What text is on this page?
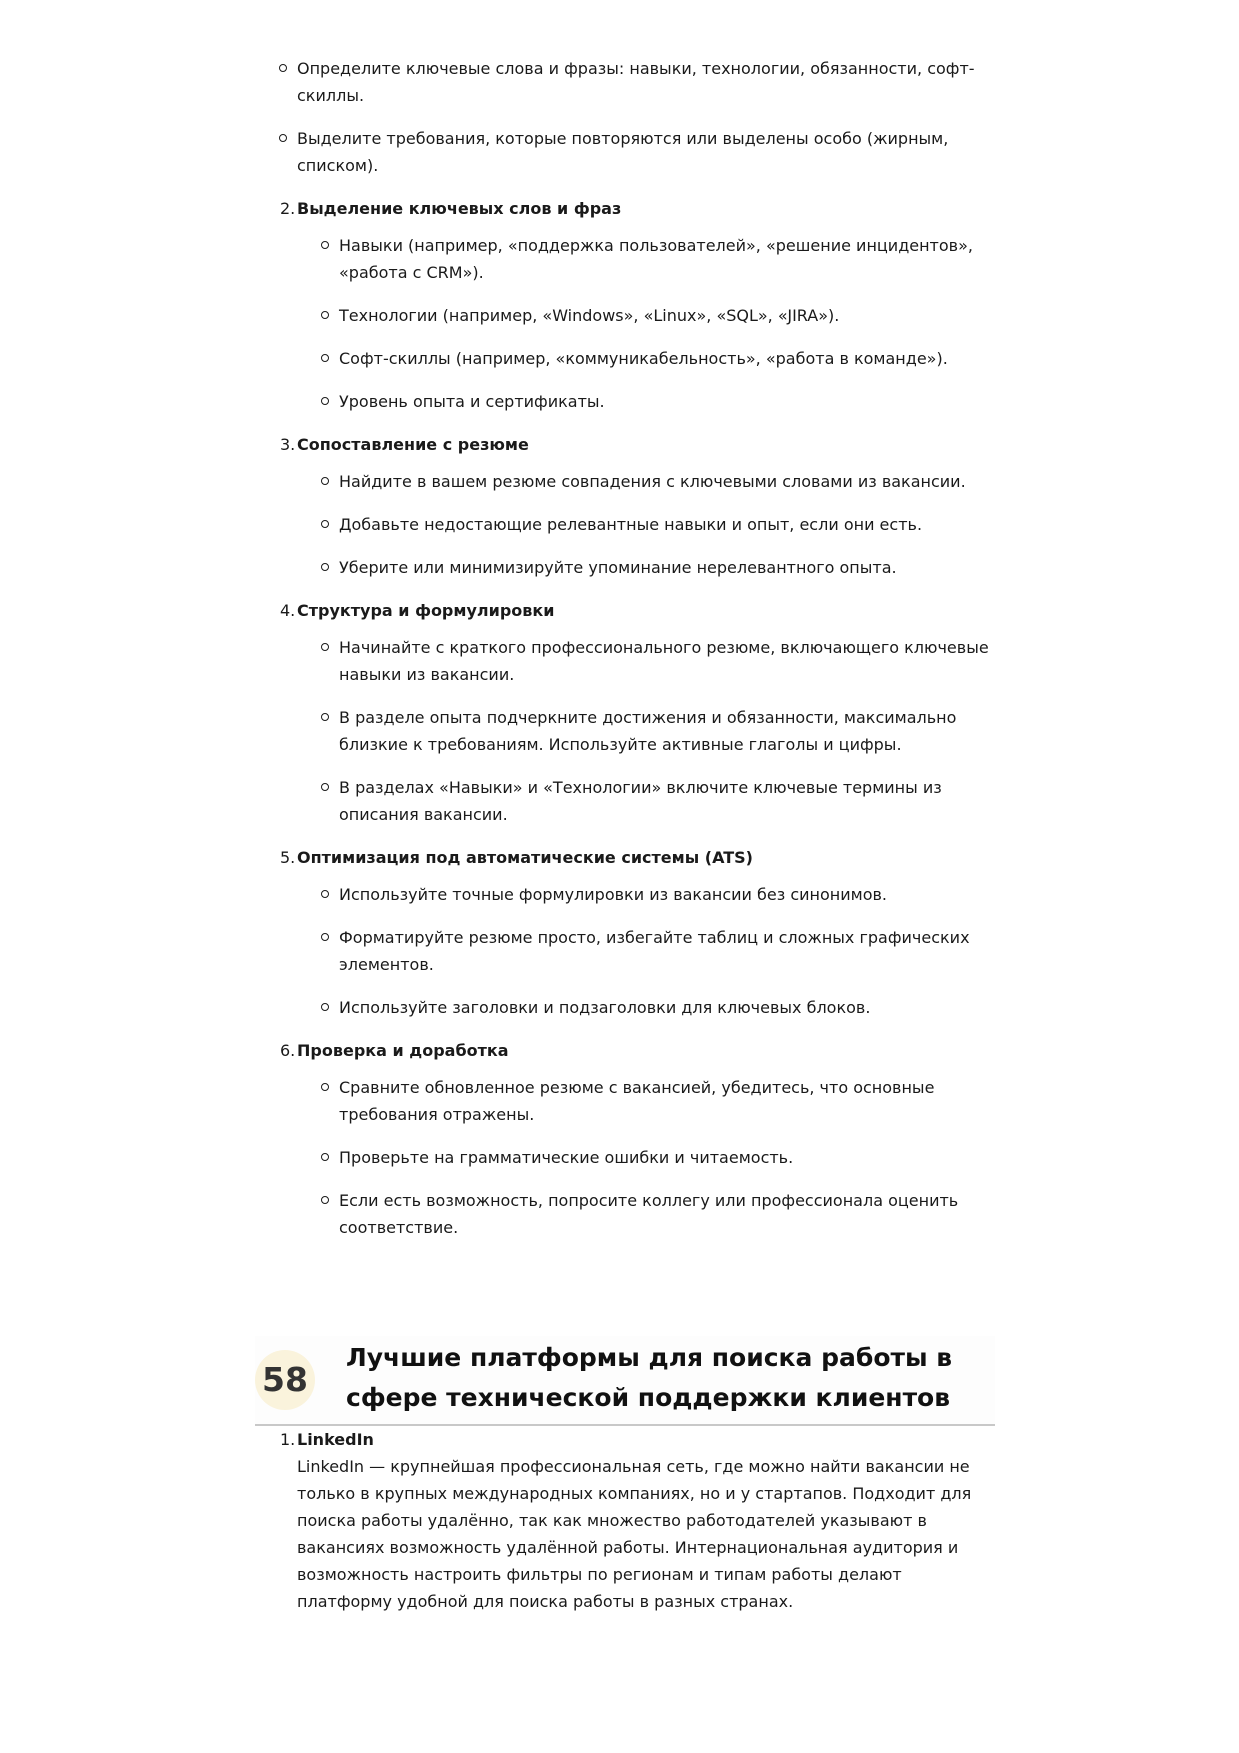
Определите ключевые слова и фразы: навыки, технологии, обязанности, софт-скиллы.
Выделите требования, которые повторяются или выделены особо (жирным, списком).
2. Выделение ключевых слов и фраз
Навыки (например, «поддержка пользователей», «решение инцидентов», «работа с CRM»).
Технологии (например, «Windows», «Linux», «SQL», «JIRA»).
Софт-скиллы (например, «коммуникабельность», «работа в команде»).
Уровень опыта и сертификаты.
3. Сопоставление с резюме
Найдите в вашем резюме совпадения с ключевыми словами из вакансии.
Добавьте недостающие релевантные навыки и опыт, если они есть.
Уберите или минимизируйте упоминание нерелевантного опыта.
4. Структура и формулировки
Начинайте с краткого профессионального резюме, включающего ключевые навыки из вакансии.
В разделе опыта подчеркните достижения и обязанности, максимально близкие к требованиям. Используйте активные глаголы и цифры.
В разделах «Навыки» и «Технологии» включите ключевые термины из описания вакансии.
5. Оптимизация под автоматические системы (ATS)
Используйте точные формулировки из вакансии без синонимов.
Форматируйте резюме просто, избегайте таблиц и сложных графических элементов.
Используйте заголовки и подзаголовки для ключевых блоков.
6. Проверка и доработка
Сравните обновленное резюме с вакансией, убедитесь, что основные требования отражены.
Проверьте на грамматические ошибки и читаемость.
Если есть возможность, попросите коллегу или профессионала оценить соответствие.
58
Лучшие платформы для поиска работы в сфере технической поддержки клиентов
1. LinkedIn
LinkedIn — крупнейшая профессиональная сеть, где можно найти вакансии не только в крупных международных компаниях, но и у стартапов. Подходит для поиска работы удалённо, так как множество работодателей указывают в вакансиях возможность удалённой работы. Интернациональная аудитория и возможность настроить фильтры по регионам и типам работы делают платформу удобной для поиска работы в разных странах.
